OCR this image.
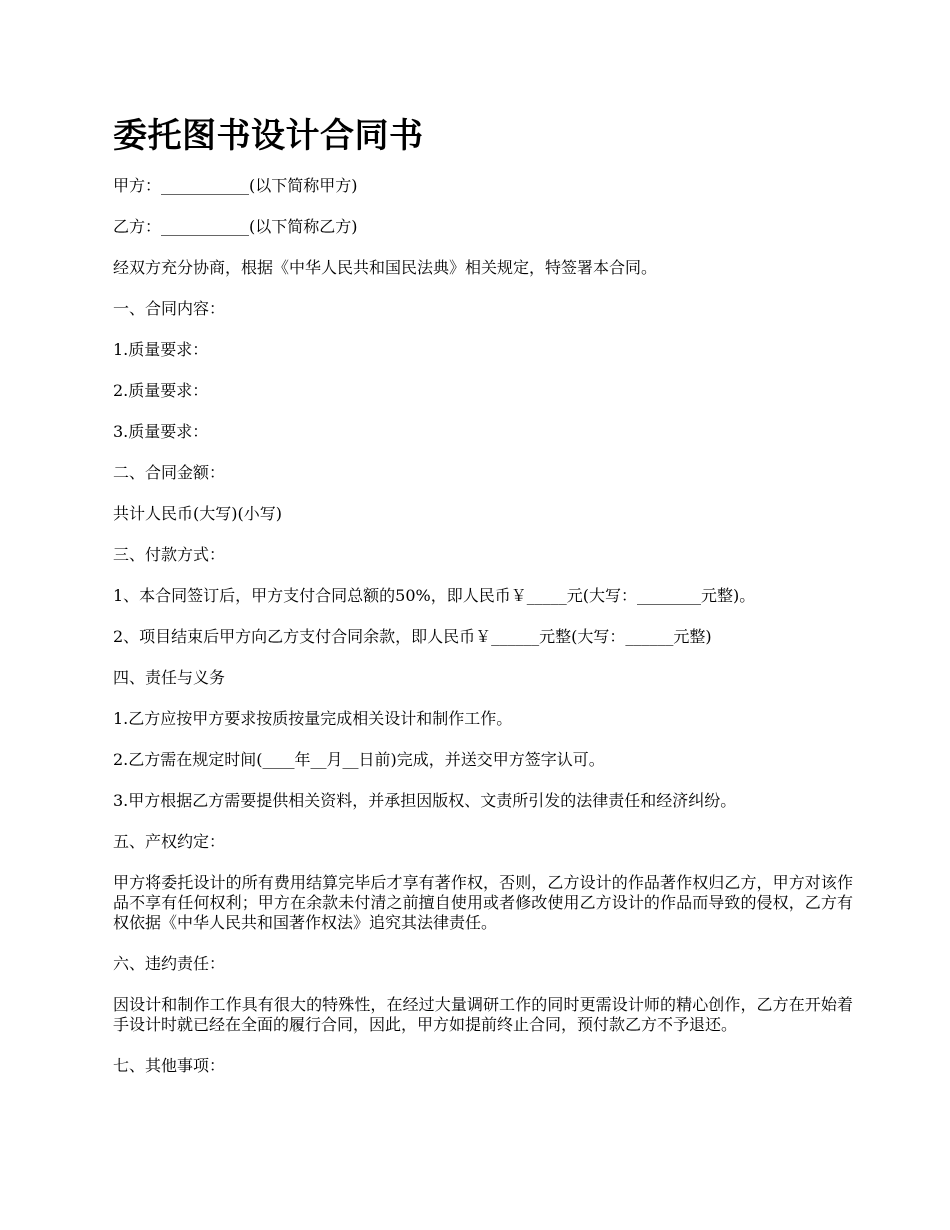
委托图书设计合同书

甲方：___________(以下简称甲方)

乙方：___________(以下简称乙方)

经双方充分协商，根据《中华人民共和国民法典》相关规定，特签署本合同。

一、合同内容：

1.质量要求：

2.质量要求：

3.质量要求：

二、合同金额：

共计人民币(大写)(小写)

三、付款方式：

1、本合同签订后，甲方支付合同总额的50%，即人民币￥_____元(大写：________元整)。

2、项目结束后甲方向乙方支付合同余款，即人民币￥______元整(大写：______元整)

四、责任与义务

1.乙方应按甲方要求按质按量完成相关设计和制作工作。

2.乙方需在规定时间(____年__月__日前)完成，并送交甲方签字认可。

3.甲方根据乙方需要提供相关资料，并承担因版权、文责所引发的法律责任和经济纠纷。

五、产权约定：

甲方将委托设计的所有费用结算完毕后才享有著作权，否则，乙方设计的作品著作权归乙方，甲方对该作品不享有任何权利；甲方在余款未付清之前擅自使用或者修改使用乙方设计的作品而导致的侵权，乙方有权依据《中华人民共和国著作权法》追究其法律责任。

六、违约责任：

因设计和制作工作具有很大的特殊性，在经过大量调研工作的同时更需设计师的精心创作，乙方在开始着手设计时就已经在全面的履行合同，因此，甲方如提前终止合同，预付款乙方不予退还。

七、其他事项：
